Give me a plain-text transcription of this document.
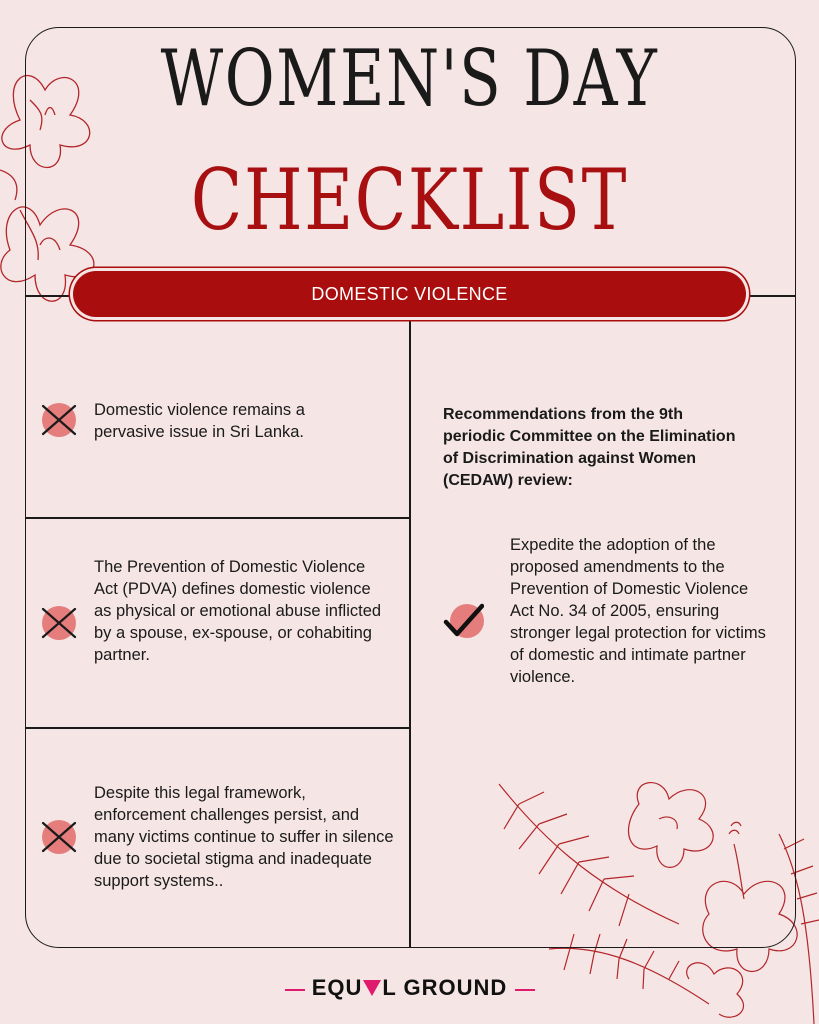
WOMEN'S DAY
CHECKLIST
DOMESTIC VIOLENCE
Domestic violence remains a pervasive issue in Sri Lanka.
The Prevention of Domestic Violence Act (PDVA) defines domestic violence as physical or emotional abuse inflicted by a spouse, ex-spouse, or cohabiting partner.
Despite this legal framework, enforcement challenges persist, and many victims continue to suffer in silence due to societal stigma and inadequate support systems..
Recommendations from the 9th periodic Committee on the Elimination of Discrimination against Women (CEDAW) review:
Expedite the adoption of the proposed amendments to the Prevention of Domestic Violence Act No. 34 of 2005, ensuring stronger legal protection for victims of domestic and intimate partner violence.
EQU L GROUND
